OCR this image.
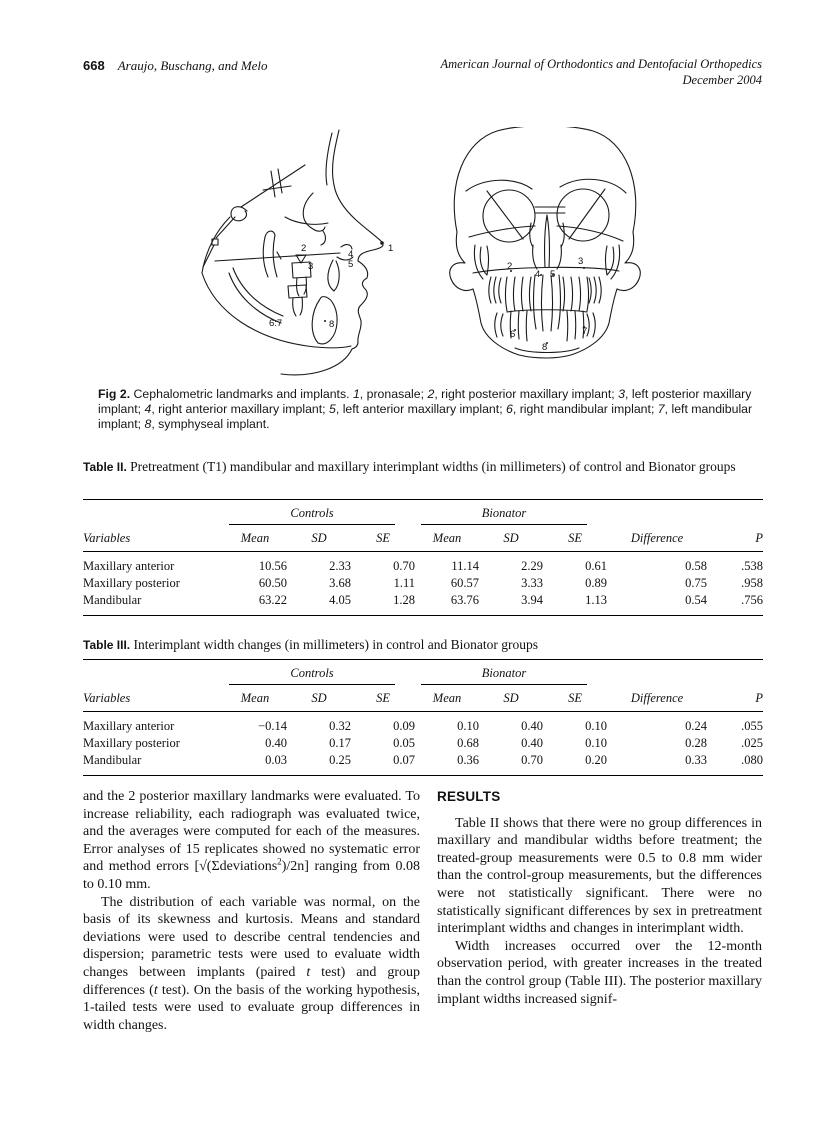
668 Araujo, Buschang, and Melo	American Journal of Orthodontics and Dentofacial Orthopedics
December 2004
1
2
3
4
5
6:7	8
2	3
4 5
6	7
8
Fig 2. Cephalometric landmarks and implants. 1, pronasale; 2, right posterior maxillary implant; 3, left posterior maxillary implant; 4, right anterior maxillary implant; 5, left anterior maxillary implant; 6, right mandibular implant; 7, left mandibular implant; 8, symphyseal implant.
Table II. Pretreatment (T1) mandibular and maxillary interimplant widths (in millimeters) of control and Bionator groups

	Controls			Bionator				

Variables	Mean	SD	SE	Mean	SD	SE	Difference	P
Maxillary anterior	10.56	2.33	0.70	11.14	2.29	0.61	0.58	.538
Maxillary posterior	60.50	3.68	1.11	60.57	3.33	0.89	0.75	.958
Mandibular	63.22	4.05	1.28	63.76	3.94	1.13	0.54	.756
Table III. Interimplant width changes (in millimeters) in control and Bionator groups

	Controls			Bionator				

Variables	Mean	SD	SE	Mean	SD	SE	Difference	P
Maxillary anterior	−0.14	0.32	0.09	0.10	0.40	0.10	0.24	.055
Maxillary posterior	0.40	0.17	0.05	0.68	0.40	0.10	0.28	.025
Mandibular	0.03	0.25	0.07	0.36	0.70	0.20	0.33	.080

and the 2 posterior maxillary landmarks were evaluated. To increase reliability, each radiograph was evaluated twice, and the averages were computed for each of the measures. Error analyses of 15 replicates showed no systematic error and method errors [√(Σdeviations$^2$)/2n] ranging from 0.08 to 0.10 mm.

The distribution of each variable was normal, on the basis of its skewness and kurtosis. Means and standard deviations were used to describe central tendencies and dispersion; parametric tests were used to evaluate width changes between implants (paired t test) and group differences (t test). On the basis of the working hypothesis, 1-tailed tests were used to evaluate group differences in width changes.

RESULTS

Table II shows that there were no group differences in maxillary and mandibular widths before treatment; the treated-group measurements were 0.5 to 0.8 mm wider than the control-group measurements, but the differences were not statistically significant. There were no statistically significant differences by sex in pretreatment interimplant widths and changes in interimplant width.

Width increases occurred over the 12-month observation period, with greater increases in the treated than the control group (Table III). The posterior maxillary implant widths increased signif-
